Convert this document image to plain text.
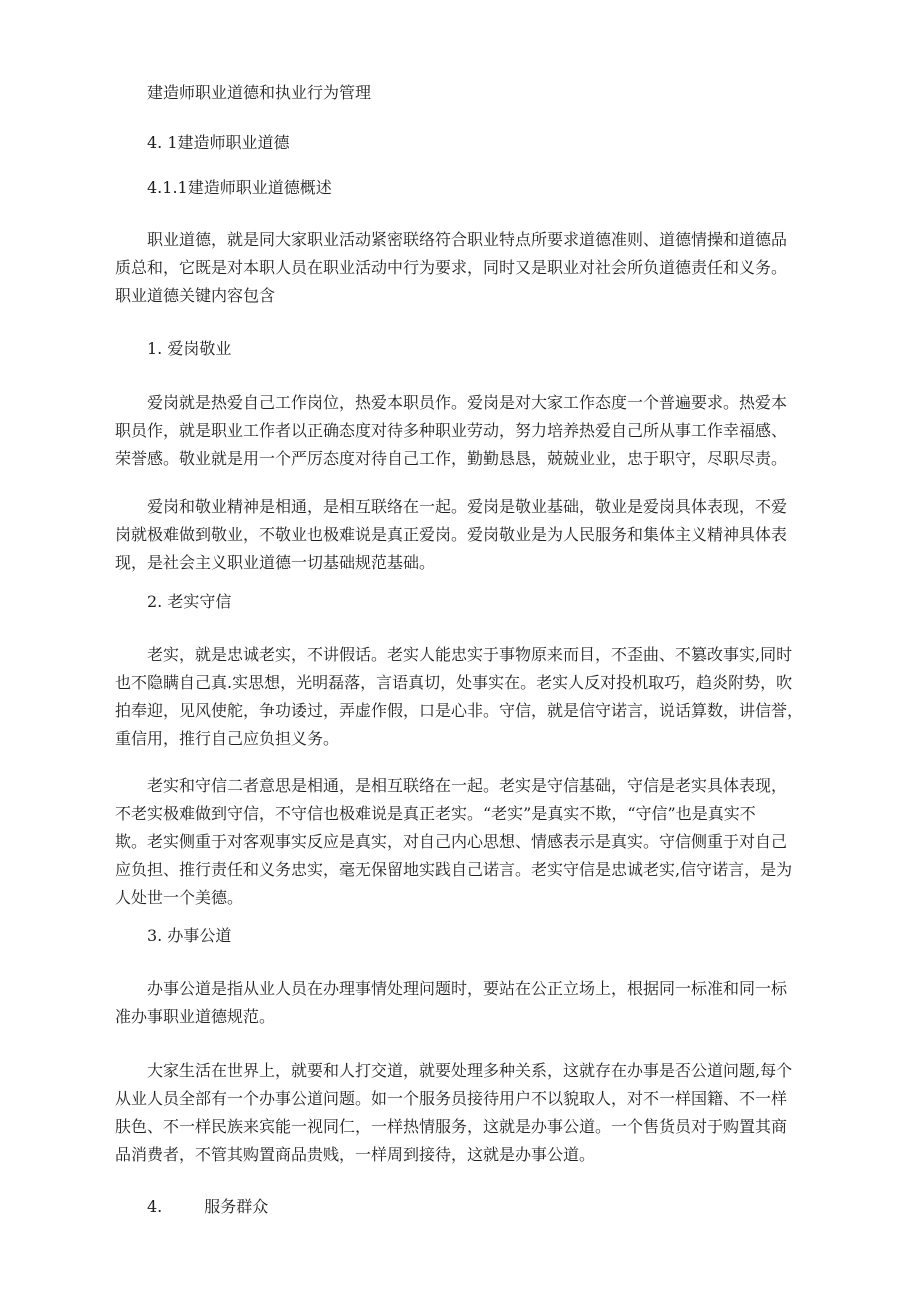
建造师职业道德和执业行为管理
4. 1建造师职业道德
4.1.1建造师职业道德概述
职业道德，就是同大家职业活动紧密联络符合职业特点所要求道德准则、道德情操和道德品
质总和，它既是对本职人员在职业活动中行为要求，同时又是职业对社会所负道德责任和义务。
职业道德关键内容包含
1. 爱岗敬业
爱岗就是热爱自己工作岗位，热爱本职员作。爱岗是对大家工作态度一个普遍要求。热爱本
职员作，就是职业工作者以正确态度对待多种职业劳动，努力培养热爱自己所从事工作幸福感、
荣誉感。敬业就是用一个严厉态度对待自己工作，勤勤恳恳，兢兢业业，忠于职守，尽职尽责。
爱岗和敬业精神是相通，是相互联络在一起。爱岗是敬业基础，敬业是爱岗具体表现，不爱
岗就极难做到敬业，不敬业也极难说是真正爱岗。爱岗敬业是为人民服务和集体主义精神具体表
现，是社会主义职业道德一切基础规范基础。
2. 老实守信
老实，就是忠诚老实，不讲假话。老实人能忠实于事物原来而目，不歪曲、不篡改事实,同时
也不隐瞒自己真.实思想，光明磊落，言语真切，处事实在。老实人反对投机取巧，趋炎附势，吹
拍奉迎，见风使舵，争功诿过，弄虚作假，口是心非。守信，就是信守诺言，说话算数，讲信誉，
重信用，推行自己应负担义务。
老实和守信二者意思是相通，是相互联络在一起。老实是守信基础，守信是老实具体表现，
不老实极难做到守信，不守信也极难说是真正老实。“老实”是真实不欺，“守信”也是真实不
欺。老实侧重于对客观事实反应是真实，对自己内心思想、情感表示是真实。守信侧重于对自己
应负担、推行责任和义务忠实，毫无保留地实践自己诺言。老实守信是忠诚老实,信守诺言，是为
人处世一个美德。
3. 办事公道
办事公道是指从业人员在办理事情处理问题时，要站在公正立场上，根据同一标准和同一标
准办事职业道德规范。
大家生活在世界上，就要和人打交道，就要处理多种关系，这就存在办事是否公道问题,每个
从业人员全部有一个办事公道问题。如一个服务员接待用户不以貌取人，对不一样国籍、不一样
肤色、不一样民族来宾能一视同仁，一样热情服务，这就是办事公道。一个售货员对于购置其商
品消费者，不管其购置商品贵贱，一样周到接待，这就是办事公道。
4.	服务群众
